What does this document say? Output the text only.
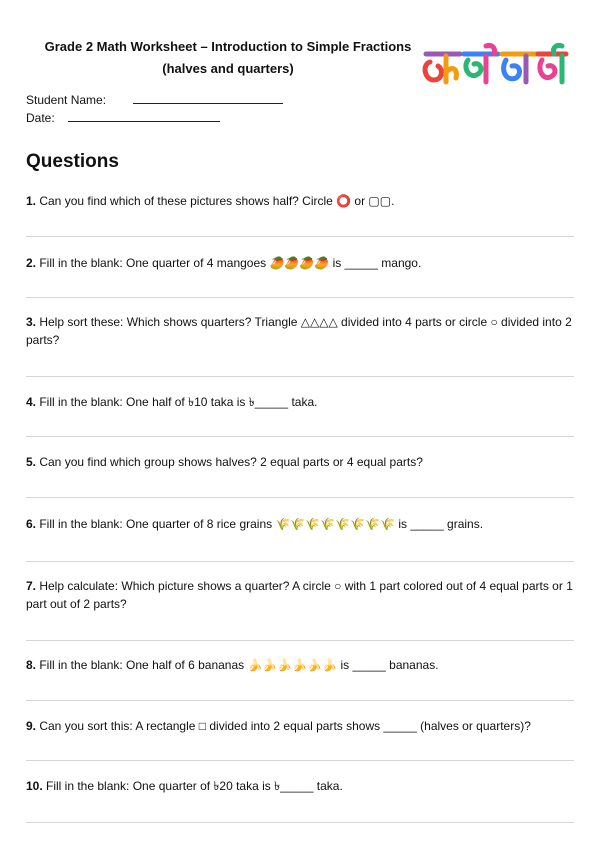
Grade 2 Math Worksheet – Introduction to Simple Fractions
(halves and quarters)
Student Name:
Date:
Questions
1. Can you find which of these pictures shows half? Circle ⭕ or ▢▢.
2. Fill in the blank: One quarter of 4 mangoes 🥭🥭🥭🥭 is _____ mango.
3. Help sort these: Which shows quarters? Triangle △△△△ divided into 4 parts or circle ○ divided into 2 parts?
4. Fill in the blank: One half of ৳10 taka is ৳_____ taka.
5. Can you find which group shows halves? 2 equal parts or 4 equal parts?
6. Fill in the blank: One quarter of 8 rice grains 🌾🌾🌾🌾🌾🌾🌾🌾 is _____ grains.
7. Help calculate: Which picture shows a quarter? A circle ○ with 1 part colored out of 4 equal parts or 1 part out of 2 parts?
8. Fill in the blank: One half of 6 bananas 🍌🍌🍌🍌🍌🍌 is _____ bananas.
9. Can you sort this: A rectangle □ divided into 2 equal parts shows _____ (halves or quarters)?
10. Fill in the blank: One quarter of ৳20 taka is ৳_____ taka.
